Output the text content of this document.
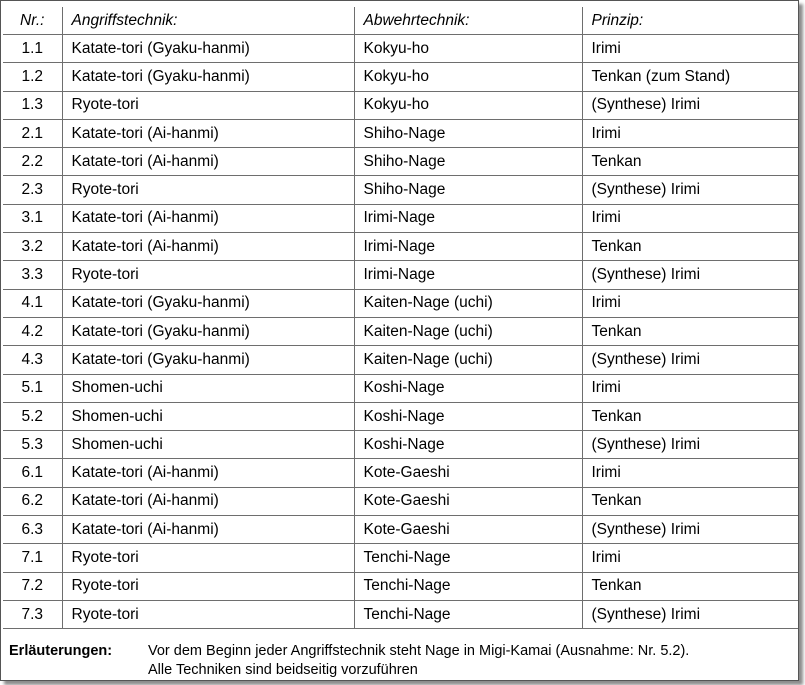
Nr.:	Angriffstechnik:	Abwehrtechnik:	Prinzip:
1.1	Katate-tori (Gyaku-hanmi)	Kokyu-ho	Irimi
1.2	Katate-tori (Gyaku-hanmi)	Kokyu-ho	Tenkan (zum Stand)
1.3	Ryote-tori	Kokyu-ho	(Synthese) Irimi
2.1	Katate-tori (Ai-hanmi)	Shiho-Nage	Irimi
2.2	Katate-tori (Ai-hanmi)	Shiho-Nage	Tenkan
2.3	Ryote-tori	Shiho-Nage	(Synthese) Irimi
3.1	Katate-tori (Ai-hanmi)	Irimi-Nage	Irimi
3.2	Katate-tori (Ai-hanmi)	Irimi-Nage	Tenkan
3.3	Ryote-tori	Irimi-Nage	(Synthese) Irimi
4.1	Katate-tori (Gyaku-hanmi)	Kaiten-Nage (uchi)	Irimi
4.2	Katate-tori (Gyaku-hanmi)	Kaiten-Nage (uchi)	Tenkan
4.3	Katate-tori (Gyaku-hanmi)	Kaiten-Nage (uchi)	(Synthese) Irimi
5.1	Shomen-uchi	Koshi-Nage	Irimi
5.2	Shomen-uchi	Koshi-Nage	Tenkan
5.3	Shomen-uchi	Koshi-Nage	(Synthese) Irimi
6.1	Katate-tori (Ai-hanmi)	Kote-Gaeshi	Irimi
6.2	Katate-tori (Ai-hanmi)	Kote-Gaeshi	Tenkan
6.3	Katate-tori (Ai-hanmi)	Kote-Gaeshi	(Synthese) Irimi
7.1	Ryote-tori	Tenchi-Nage	Irimi
7.2	Ryote-tori	Tenchi-Nage	Tenkan
7.3	Ryote-tori	Tenchi-Nage	(Synthese) Irimi
Erläuterungen: Vor dem Beginn jeder Angriffstechnik steht Nage in Migi-Kamai (Ausnahme: Nr. 5.2).
Alle Techniken sind beidseitig vorzuführen
